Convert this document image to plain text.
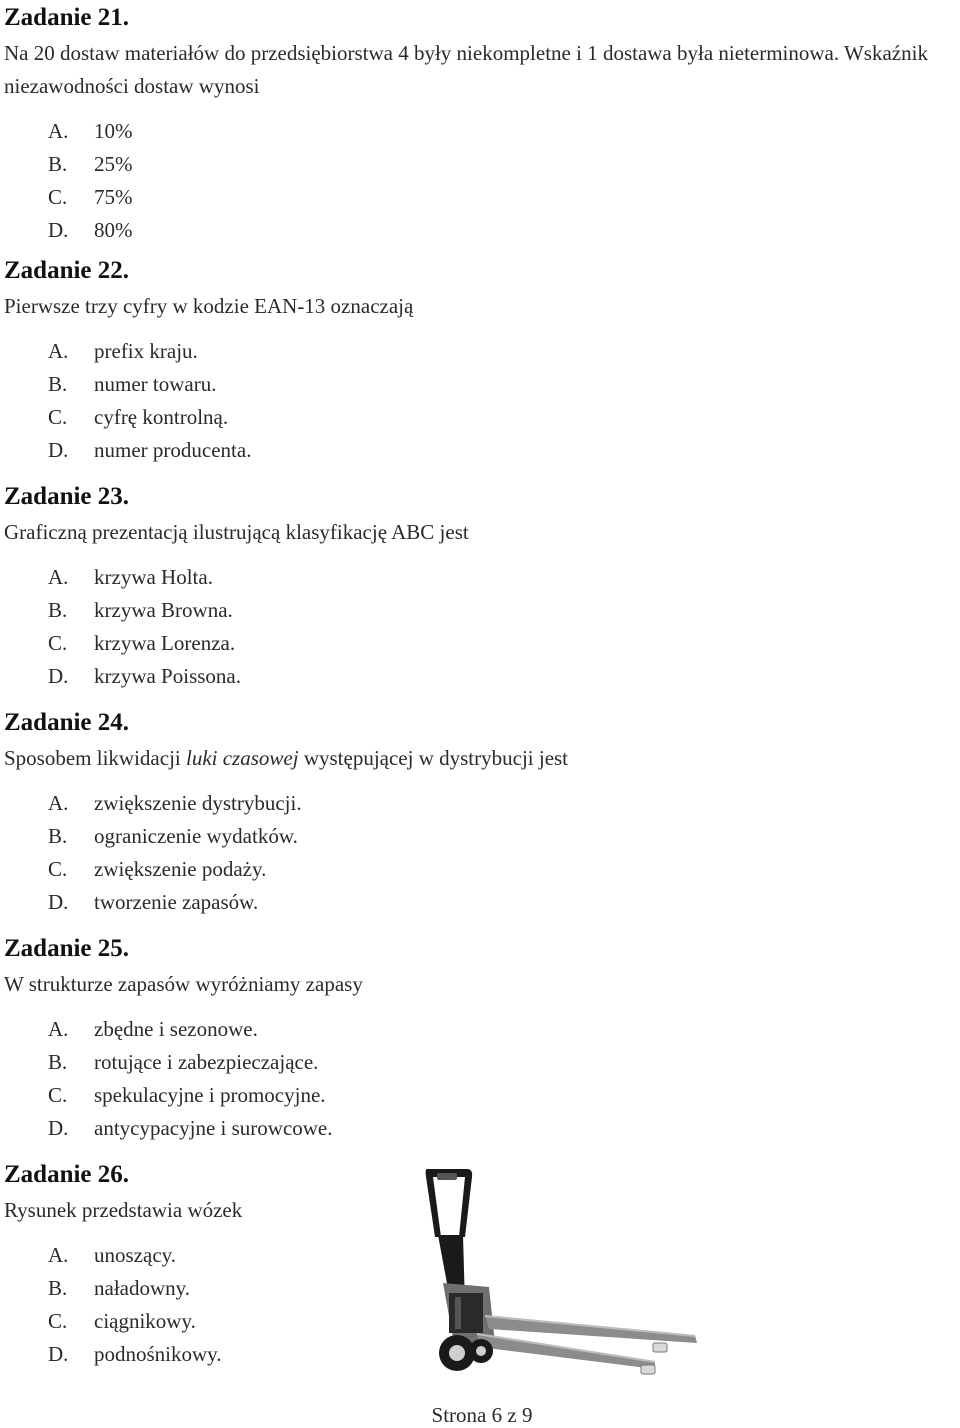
Zadanie 21.

Na 20 dostaw materiałów do przedsiębiorstwa 4 były niekompletne i 1 dostawa była nieterminowa. Wskaźnik niezawodności dostaw wynosi

A.	10%
B.	25%
C.	75%
D.	80%
Zadanie 22.

Pierwsze trzy cyfry w kodzie EAN-13 oznaczają

A.	prefix kraju.
B.	numer towaru.
C.	cyfrę kontrolną.
D.	numer producenta.
Zadanie 23.

Graficzną prezentacją ilustrującą klasyfikację ABC jest

A.	krzywa Holta.
B.	krzywa Browna.
C.	krzywa Lorenza.
D.	krzywa Poissona.
Zadanie 24.

Sposobem likwidacji luki czasowej występującej w dystrybucji jest

A.	zwiększenie dystrybucji.
B.	ograniczenie wydatków.
C.	zwiększenie podaży.
D.	tworzenie zapasów.
Zadanie 25.

W strukturze zapasów wyróżniamy zapasy

A.	zbędne i sezonowe.
B.	rotujące i zabezpieczające.
C.	spekulacyjne i promocyjne.
D.	antycypacyjne i surowcowe.
Zadanie 26.

Rysunek przedstawia wózek

A.	unoszący.
B.	naładowny.
C.	ciągnikowy.
D.	podnośnikowy.
Strona 6 z 9
